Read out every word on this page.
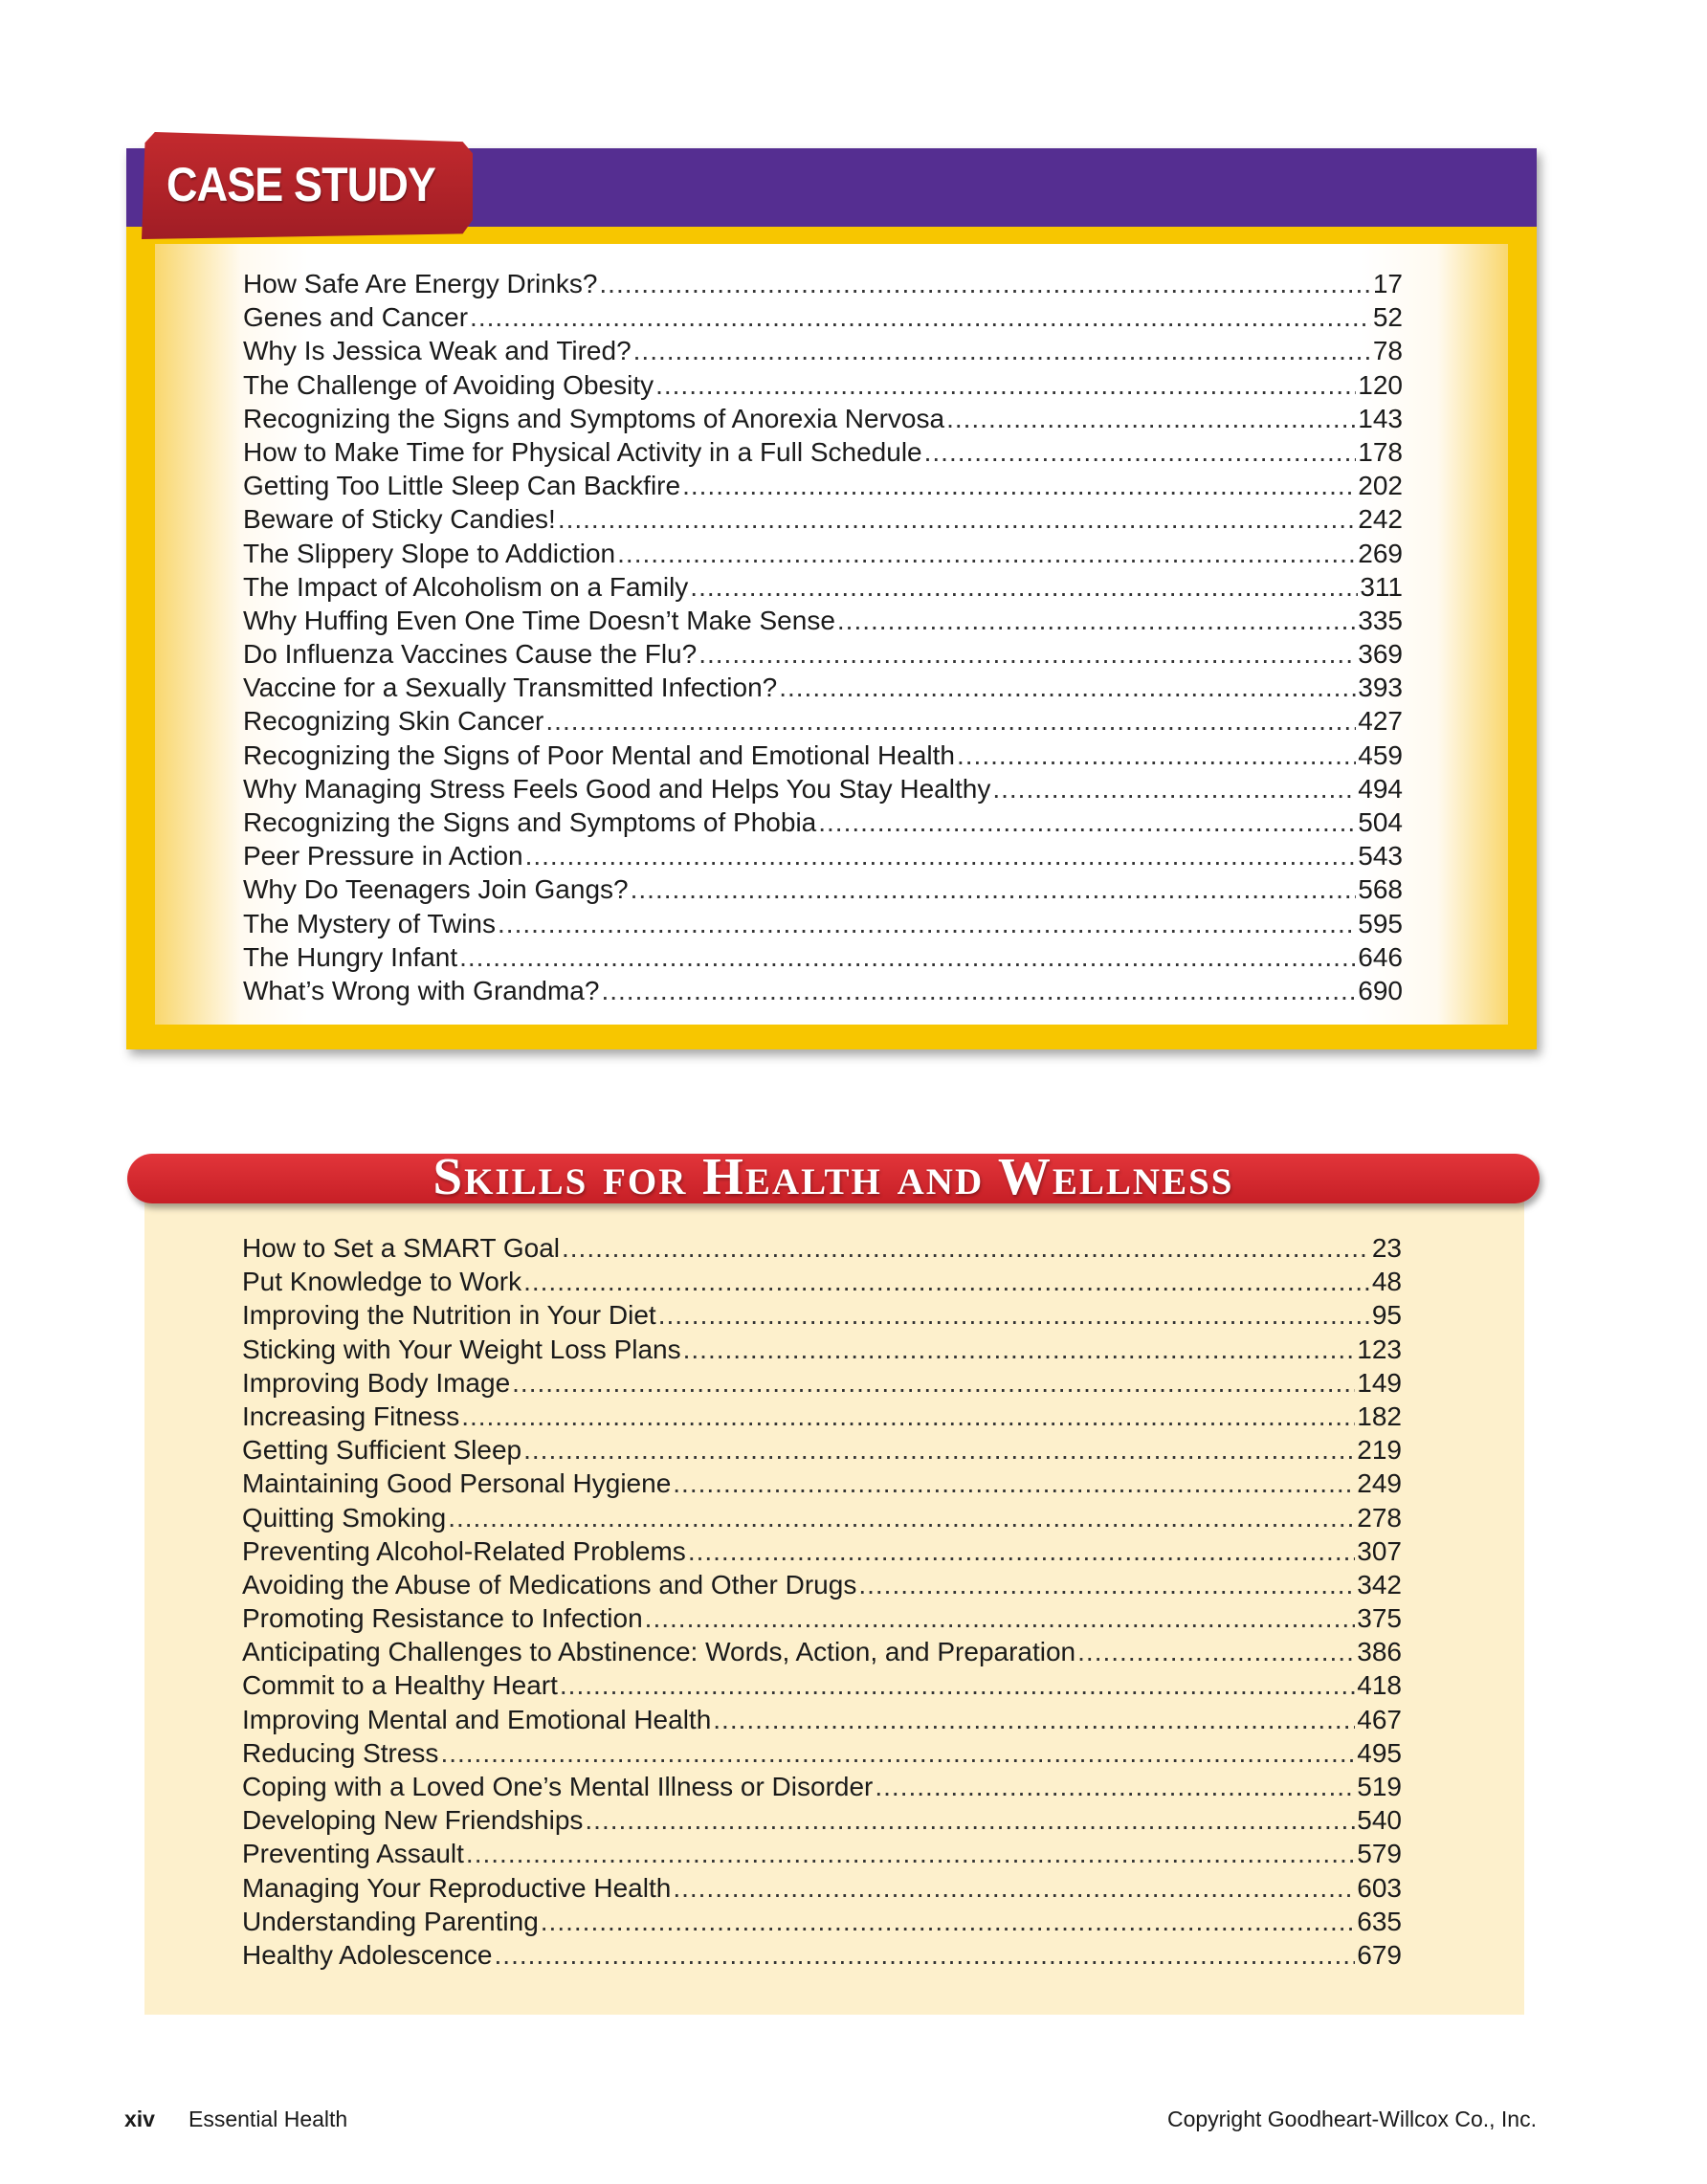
CASE STUDY
How Safe Are Energy Drinks? .....	17
Genes and Cancer .....	52
Why Is Jessica Weak and Tired? .....	78
The Challenge of Avoiding Obesity .....	120
Recognizing the Signs and Symptoms of Anorexia Nervosa .....	143
How to Make Time for Physical Activity in a Full Schedule .....	178
Getting Too Little Sleep Can Backfire .....	202
Beware of Sticky Candies! .....	242
The Slippery Slope to Addiction .....	269
The Impact of Alcoholism on a Family .....	311
Why Huffing Even One Time Doesn’t Make Sense .....	335
Do Influenza Vaccines Cause the Flu? .....	369
Vaccine for a Sexually Transmitted Infection? .....	393
Recognizing Skin Cancer .....	427
Recognizing the Signs of Poor Mental and Emotional Health .....	459
Why Managing Stress Feels Good and Helps You Stay Healthy .....	494
Recognizing the Signs and Symptoms of Phobia .....	504
Peer Pressure in Action .....	543
Why Do Teenagers Join Gangs? .....	568
The Mystery of Twins .....	595
The Hungry Infant .....	646
What’s Wrong with Grandma? .....	690
Skills for Health and Wellness
How to Set a SMART Goal .....	23
Put Knowledge to Work .....	48
Improving the Nutrition in Your Diet .....	95
Sticking with Your Weight Loss Plans .....	123
Improving Body Image .....	149
Increasing Fitness .....	182
Getting Sufficient Sleep .....	219
Maintaining Good Personal Hygiene .....	249
Quitting Smoking .....	278
Preventing Alcohol-Related Problems .....	307
Avoiding the Abuse of Medications and Other Drugs .....	342
Promoting Resistance to Infection .....	375
Anticipating Challenges to Abstinence: Words, Action, and Preparation .....	386
Commit to a Healthy Heart .....	418
Improving Mental and Emotional Health .....	467
Reducing Stress .....	495
Coping with a Loved One’s Mental Illness or Disorder .....	519
Developing New Friendships .....	540
Preventing Assault .....	579
Managing Your Reproductive Health .....	603
Understanding Parenting .....	635
Healthy Adolescence .....	679
xiv Essential Health	Copyright Goodheart-Willcox Co., Inc.
